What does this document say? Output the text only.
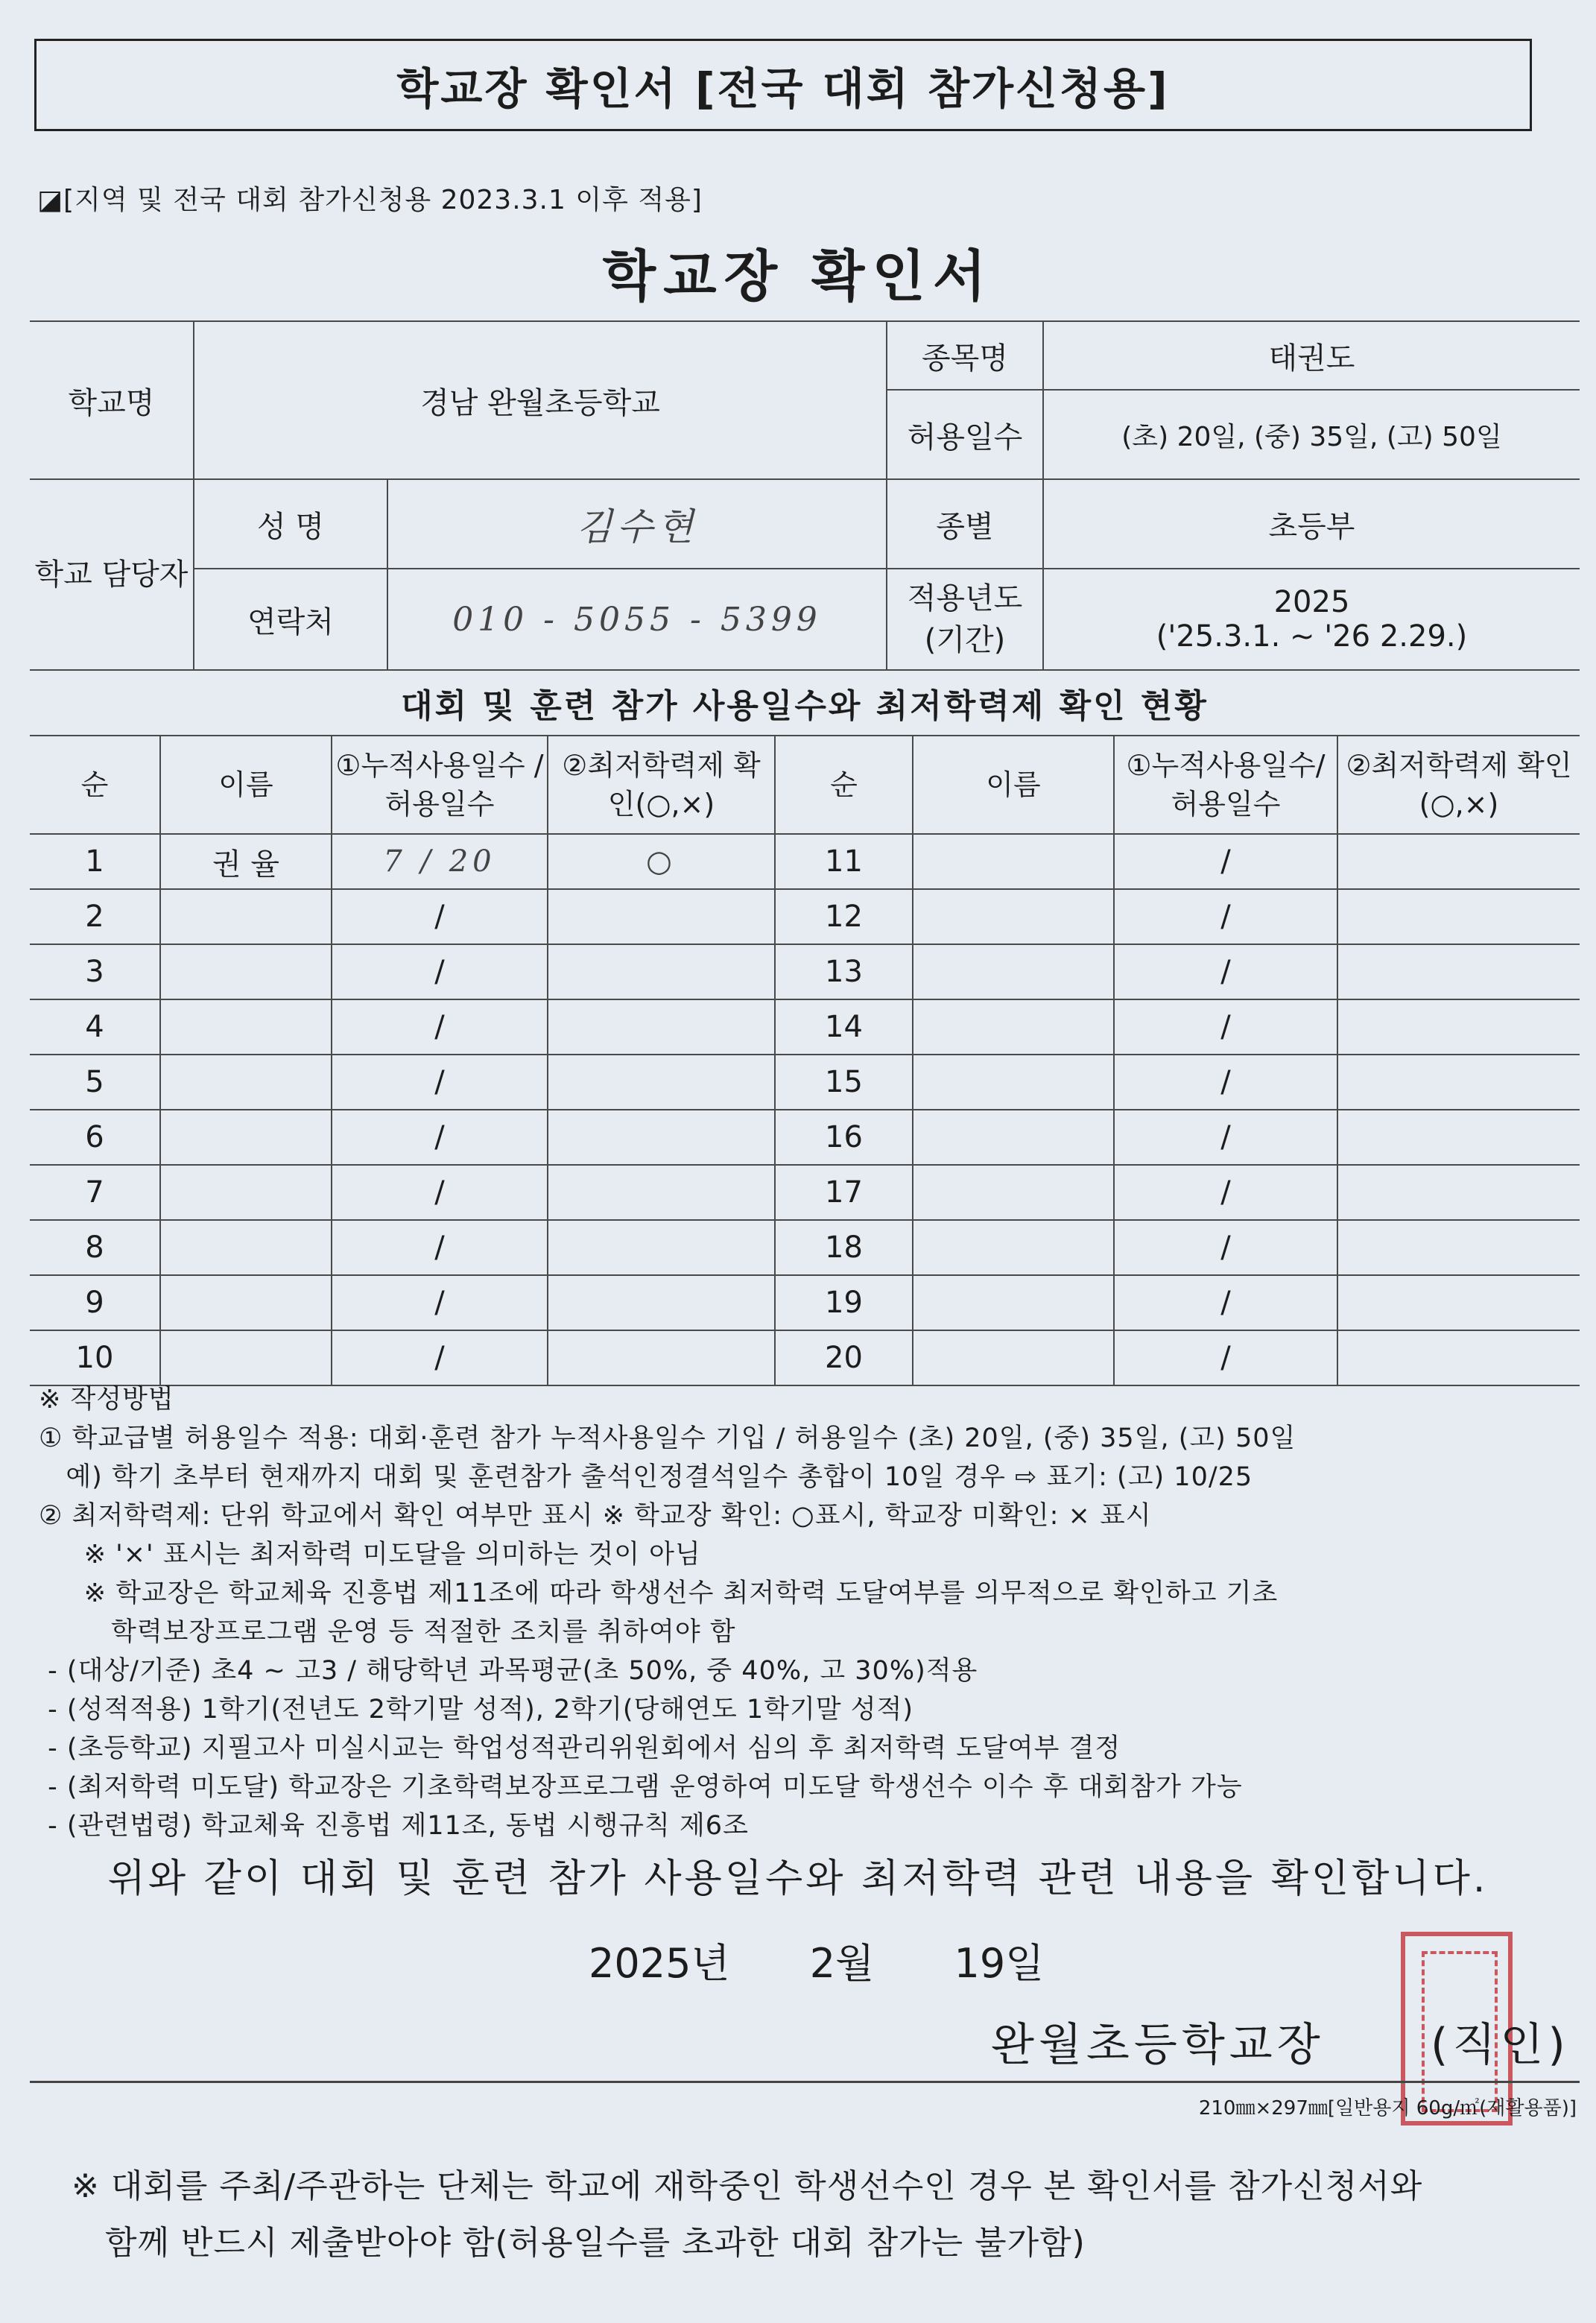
학교장 확인서 [전국 대회 참가신청용]
◪[지역 및 전국 대회 참가신청용 2023.3.1 이후 적용]
학교장 확인서
학교명	경남 완월초등학교		종목명	태권도
			허용일수	(초) 20일, (중) 35일, (고) 50일
학교 담당자	성 명	김수현	종별	초등부
	연락처	010 - 5055 - 5399	적용년도 (기간)	2025
('25.3.1. ~ '26 2.29.)
대회 및 훈련 참가 사용일수와 최저학력제 확인 현황
순	이름	①누적사용일수 /허용일수	②최저학력제 확인(○,×)	순	이름	①누적사용일수/ 허용일수	②최저학력제 확인(○,×)
1	권 율	7 / 20	○	11		/	
2		/		12		/	
3		/		13		/	
4		/		14		/	
5		/		15		/	
6		/		16		/	
7		/		17		/	
8		/		18		/	
9		/		19		/	
10		/		20		/	
※ 작성방법
① 학교급별 허용일수 적용: 대회·훈련 참가 누적사용일수 기입 / 허용일수 (초) 20일, (중) 35일, (고) 50일
예) 학기 초부터 현재까지 대회 및 훈련참가 출석인정결석일수 총합이 10일 경우 ⇨ 표기: (고) 10/25
② 최저학력제: 단위 학교에서 확인 여부만 표시 ※ 학교장 확인: ○표시, 학교장 미확인: × 표시
※ '×' 표시는 최저학력 미도달을 의미하는 것이 아님
※ 학교장은 학교체육 진흥법 제11조에 따라 학생선수 최저학력 도달여부를 의무적으로 확인하고 기초
학력보장프로그램 운영 등 적절한 조치를 취하여야 함
- (대상/기준) 초4 ~ 고3 / 해당학년 과목평균(초 50%, 중 40%, 고 30%)적용
- (성적적용) 1학기(전년도 2학기말 성적), 2학기(당해연도 1학기말 성적)
- (초등학교) 지필고사 미실시교는 학업성적관리위원회에서 심의 후 최저학력 도달여부 결정
- (최저학력 미도달) 학교장은 기초학력보장프로그램 운영하여 미도달 학생선수 이수 후 대회참가 가능
- (관련법령) 학교체육 진흥법 제11조, 동법 시행규칙 제6조
위와 같이 대회 및 훈련 참가 사용일수와 최저학력 관련 내용을 확인합니다.
2025년 2월 19일
완월초등학교장 (직인)
210㎜×297㎜[일반용지 60g/㎡(재활용품)]
※ 대회를 주최/주관하는 단체는 학교에 재학중인 학생선수인 경우 본 확인서를 참가신청서와
함께 반드시 제출받아야 함(허용일수를 초과한 대회 참가는 불가함)
